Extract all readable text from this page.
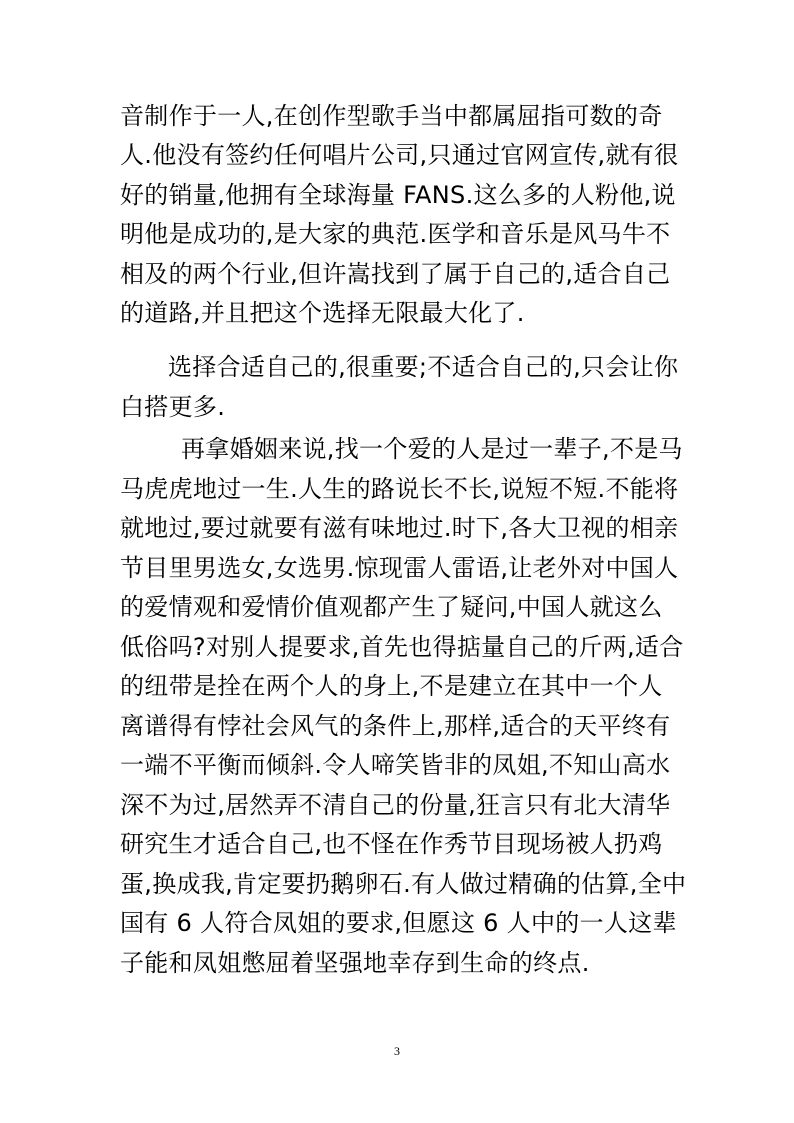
音制作于一人,在创作型歌手当中都属屈指可数的奇
人.他没有签约任何唱片公司,只通过官网宣传,就有很
好的销量,他拥有全球海量 FANS.这么多的人粉他,说
明他是成功的,是大家的典范.医学和音乐是风马牛不
相及的两个行业,但许嵩找到了属于自己的,适合自己
的道路,并且把这个选择无限最大化了.
选择合适自己的,很重要;不适合自己的,只会让你
白搭更多.
再拿婚姻来说,找一个爱的人是过一辈子,不是马
马虎虎地过一生.人生的路说长不长,说短不短.不能将
就地过,要过就要有滋有味地过.时下,各大卫视的相亲
节目里男选女,女选男.惊现雷人雷语,让老外对中国人
的爱情观和爱情价值观都产生了疑问,中国人就这么
低俗吗?对别人提要求,首先也得掂量自己的斤两,适合
的纽带是拴在两个人的身上,不是建立在其中一个人
离谱得有悖社会风气的条件上,那样,适合的天平终有
一端不平衡而倾斜.令人啼笑皆非的凤姐,不知山高水
深不为过,居然弄不清自己的份量,狂言只有北大清华
研究生才适合自己,也不怪在作秀节目现场被人扔鸡
蛋,换成我,肯定要扔鹅卵石.有人做过精确的估算,全中
国有 6 人符合凤姐的要求,但愿这 6 人中的一人这辈
子能和凤姐憋屈着坚强地幸存到生命的终点.
3
